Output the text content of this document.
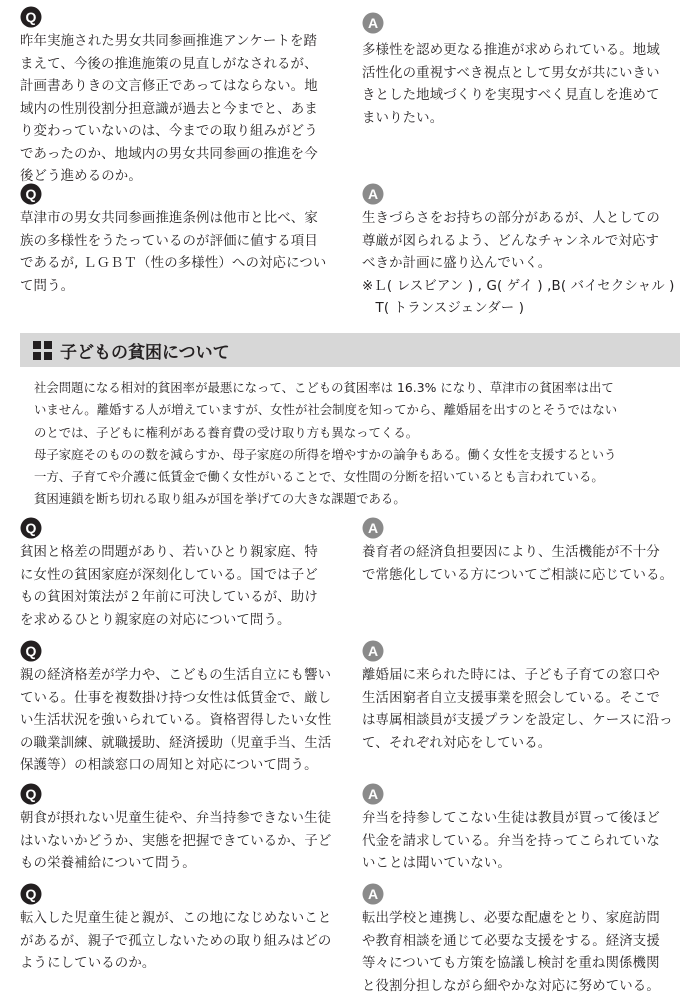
Q

昨年実施された男女共同参画推進アンケートを踏
まえて、今後の推進施策の見直しがなされるが、
計画書ありきの文言修正であってはならない。地
域内の性別役割分担意識が過去と今までと、あま
り変わっていないのは、今までの取り組みがどう
であったのか、地域内の男女共同参画の推進を今
後どう進めるのか。

A

多様性を認め更なる推進が求められている。地域
活性化の重視すべき視点として男女が共にいきい
きとした地域づくりを実現すべく見直しを進めて
まいりたい。

Q

草津市の男女共同参画推進条例は他市と比べ、家
族の多様性をうたっているのが評価に値する項目
であるが, ＬＧＢＴ（性の多様性）への対応につい
て問う。

A

生きづらさをお持ちの部分があるが、人としての
尊厳が図られるよう、どんなチャンネルで対応す
べきか計画に盛り込んでいく。
※Ｌ( レスビアン ) , G( ゲイ ) ,B( バイセクシャル )
　T( トランスジェンダー )

子どもの貧困について

社会問題になる相対的貧困率が最悪になって、こどもの貧困率は 16.3% になり、草津市の貧困率は出て
いません。離婚する人が増えていますが、女性が社会制度を知ってから、離婚届を出すのとそうではない
のとでは、子どもに権利がある養育費の受け取り方も異なってくる。
母子家庭そのものの数を減らすか、母子家庭の所得を増やすかの論争もある。働く女性を支援するという
一方、子育てや介護に低賃金で働く女性がいることで、女性間の分断を招いているとも言われている。
貧困連鎖を断ち切れる取り組みが国を挙げての大きな課題である。

Q

貧困と格差の問題があり、若いひとり親家庭、特
に女性の貧困家庭が深刻化している。国では子ど
もの貧困対策法が２年前に可決しているが、助け
を求めるひとり親家庭の対応について問う。

A

養育者の経済負担要因により、生活機能が不十分
で常態化している方についてご相談に応じている。

Q

親の経済格差が学力や、こどもの生活自立にも響い
ている。仕事を複数掛け持つ女性は低賃金で、厳し
い生活状況を強いられている。資格習得したい女性
の職業訓練、就職援助、経済援助（児童手当、生活
保護等）の相談窓口の周知と対応について問う。

A

離婚届に来られた時には、子ども子育ての窓口や
生活困窮者自立支援事業を照会している。そこで
は専属相談員が支援プランを設定し、ケースに沿っ
て、それぞれ対応をしている。

Q

朝食が摂れない児童生徒や、弁当持参できない生徒
はいないかどうか、実態を把握できているか、子ど
もの栄養補給について問う。

A

弁当を持参してこない生徒は教員が買って後ほど
代金を請求している。弁当を持ってこられていな
いことは聞いていない。

Q

転入した児童生徒と親が、この地になじめないこと
があるが、親子で孤立しないための取り組みはどの
ようにしているのか。

A

転出学校と連携し、必要な配慮をとり、家庭訪問
や教育相談を通じて必要な支援をする。経済支援
等々についても方策を協議し検討を重ね関係機関
と役割分担しながら細やかな対応に努めている。
